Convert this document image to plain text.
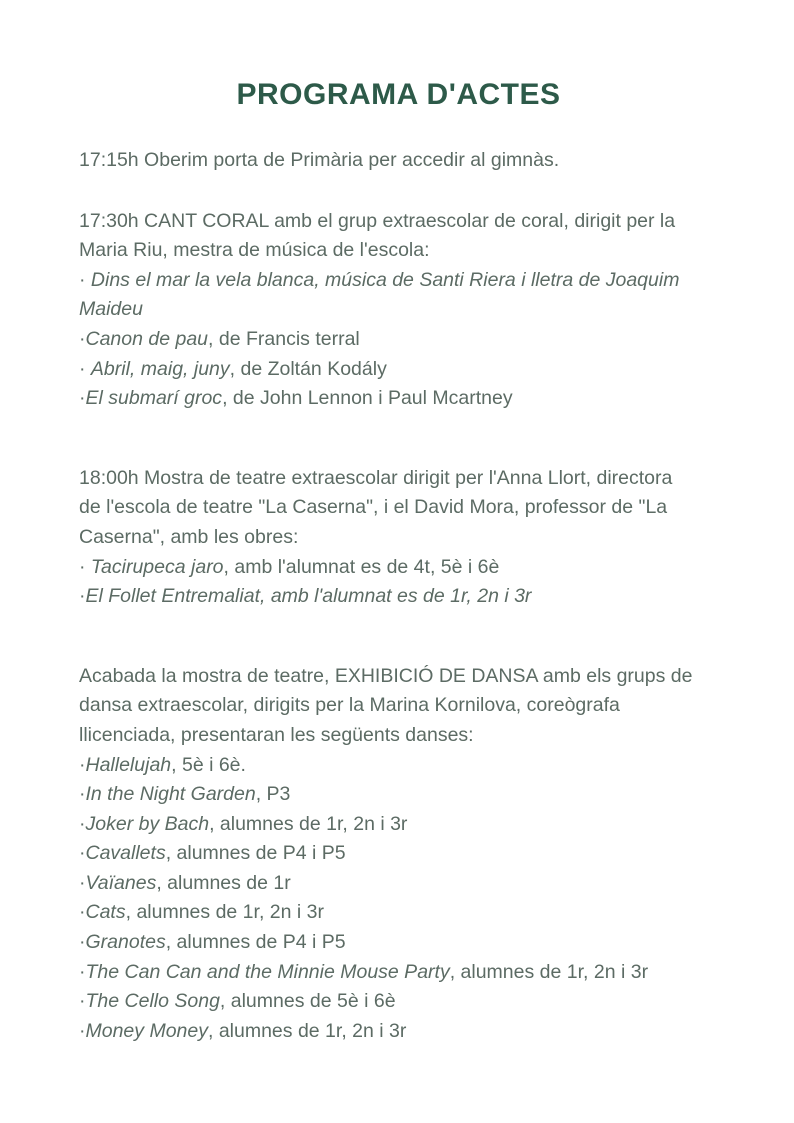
PROGRAMA D'ACTES
17:15h Oberim porta de Primària per accedir al gimnàs.
17:30h CANT CORAL amb el grup extraescolar de coral, dirigit per la
Maria Riu, mestra de música de l'escola:
· Dins el mar la vela blanca, música de Santi Riera i lletra de Joaquim
Maideu
·Canon de pau, de Francis terral
· Abril, maig, juny, de Zoltán Kodály
·El submarí groc, de John Lennon i Paul Mcartney
18:00h Mostra de teatre extraescolar dirigit per l'Anna Llort, directora
de l'escola de teatre "La Caserna", i el David Mora, professor de "La
Caserna", amb les obres:
· Tacirupeca jaro, amb l'alumnat es de 4t, 5è i 6è
·El Follet Entremaliat, amb l'alumnat es de 1r, 2n i 3r
Acabada la mostra de teatre, EXHIBICIÓ DE DANSA amb els grups de
dansa extraescolar, dirigits per la Marina Kornilova, coreògrafa
llicenciada, presentaran les següents danses:
·Hallelujah, 5è i 6è.
·In the Night Garden, P3
·Joker by Bach, alumnes de 1r, 2n i 3r
·Cavallets, alumnes de P4 i P5
·Vaïanes, alumnes de 1r
·Cats, alumnes de 1r, 2n i 3r
·Granotes, alumnes de P4 i P5
·The Can Can and the Minnie Mouse Party, alumnes de 1r, 2n i 3r
·The Cello Song, alumnes de 5è i 6è
·Money Money, alumnes de 1r, 2n i 3r
